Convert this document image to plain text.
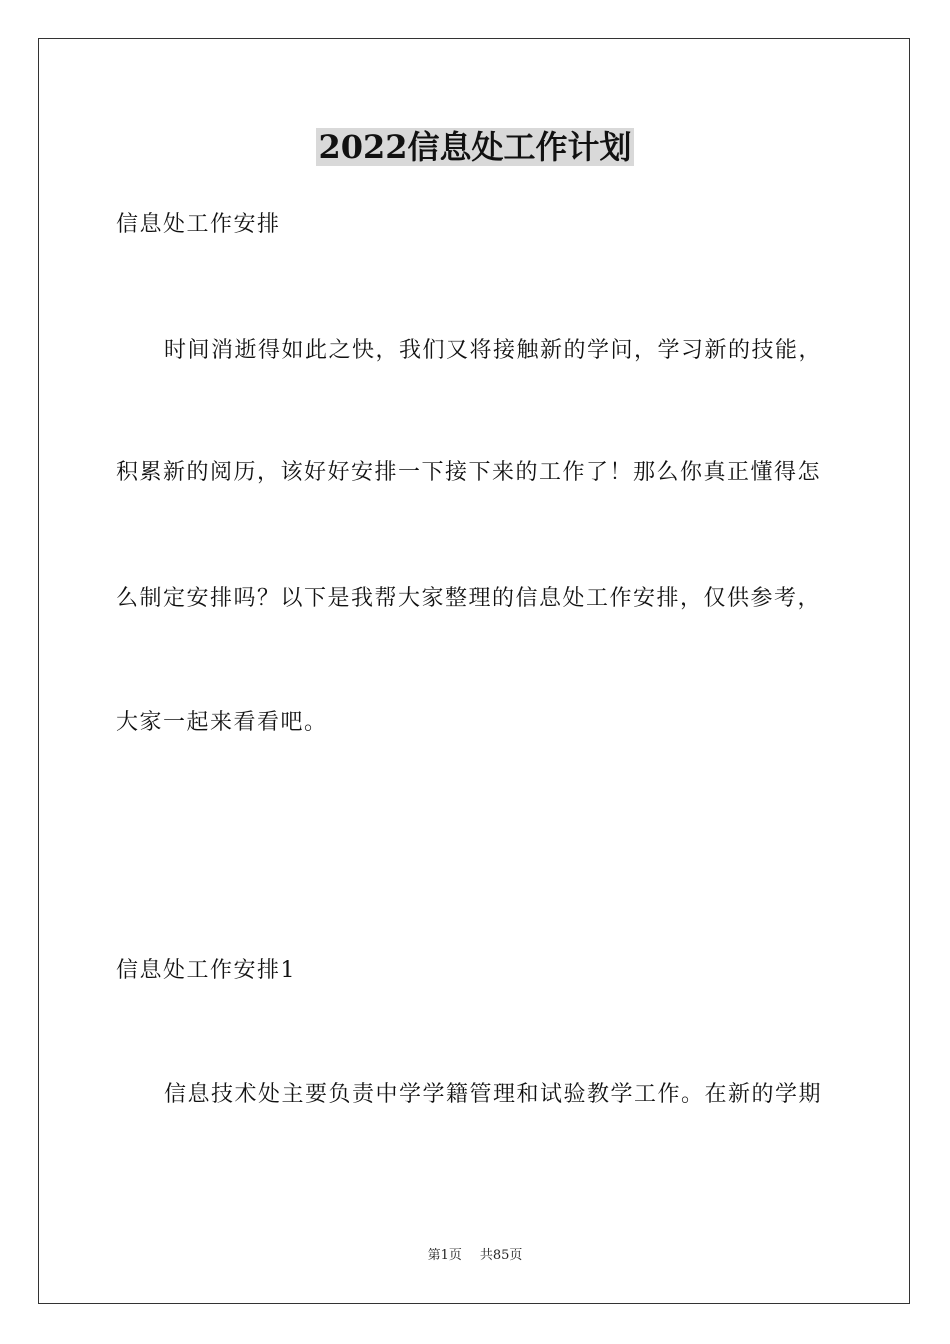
2022信息处工作计划
信息处工作安排
时间消逝得如此之快，我们又将接触新的学问，学习新的技能，
积累新的阅历，该好好安排一下接下来的工作了！那么你真正懂得怎
么制定安排吗？以下是我帮大家整理的信息处工作安排，仅供参考，
大家一起来看看吧。
信息处工作安排1
信息技术处主要负责中学学籍管理和试验教学工作。在新的学期
第1页 共85页
